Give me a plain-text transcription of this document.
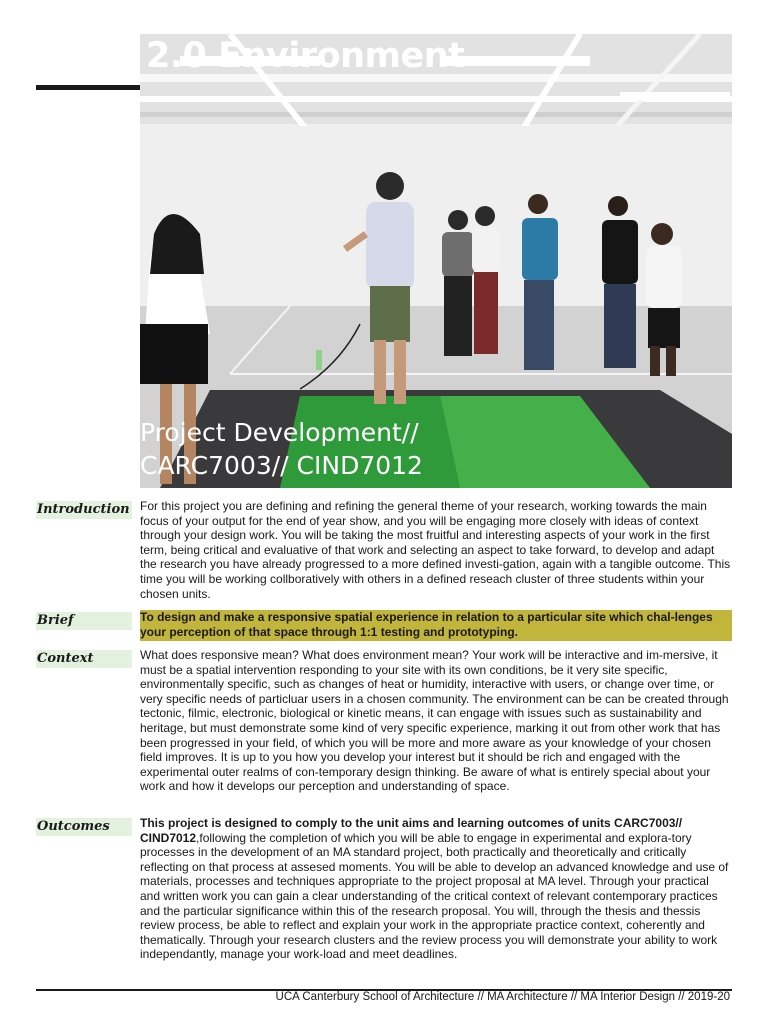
2.0 Environment
Project Development//
CARC7003// CIND7012
Introduction For this project you are defining and refining the general theme of your research, working towards the main focus of your output for the end of year show, and you will be engaging more closely with ideas of context through your design work. You will be taking the most fruitful and interesting aspects of your work in the first term, being critical and evaluative of that work and selecting an aspect to take forward, to develop and adapt the research you have already progressed to a more defined investi-gation, again with a tangible outcome. This time you will be working collboratively with others in a defined reseach cluster of three students within your chosen units.

Brief	To design and make a responsive spatial experience in relation to a particular site which chal-lenges your perception of that space through 1:1 testing and prototyping.

Context	What does responsive mean? What does environment mean? Your work will be interactive and im-mersive, it must be a spatial intervention responding to your site with its own conditions, be it very site specific, environmentally specific, such as changes of heat or humidity, interactive with users, or change over time, or very specific needs of particluar users in a chosen community. The environment can be can be created through tectonic, filmic, electronic, biological or kinetic means, it can engage with issues such as sustainability and heritage, but must demonstrate some kind of very specific experience, marking it out from other work that has been progressed in your field, of which you will be more and more aware as your knowledge of your chosen field improves. It is up to you how you develop your interest but it should be rich and engaged with the experimental outer realms of con-temporary design thinking. Be aware of what is entirely special about your work and how it develops our perception and understanding of space.

Outcomes	This project is designed to comply to the unit aims and learning outcomes of units CARC7003// CIND7012,following the completion of which you will be able to engage in experimental and explora-tory processes in the development of an MA standard project, both practically and theoretically and critically reflecting on that process at assesed moments. You will be able to develop an advanced knowledge and use of materials, processes and techniques appropriate to the project proposal at MA level. Through your practical and written work you can gain a clear understanding of the critical context of relevant contemporary practices and the particular significance within this of the research proposal. You will, through the thesis and thessis review process, be able to reflect and explain your work in the appropriate practice context, coherently and thematically. Through your research clusters and the review process you will demonstrate your ability to work independantly, manage your work-load and meet deadlines.

UCA Canterbury School of Architecture // MA Architecture // MA Interior Design // 2019-20
